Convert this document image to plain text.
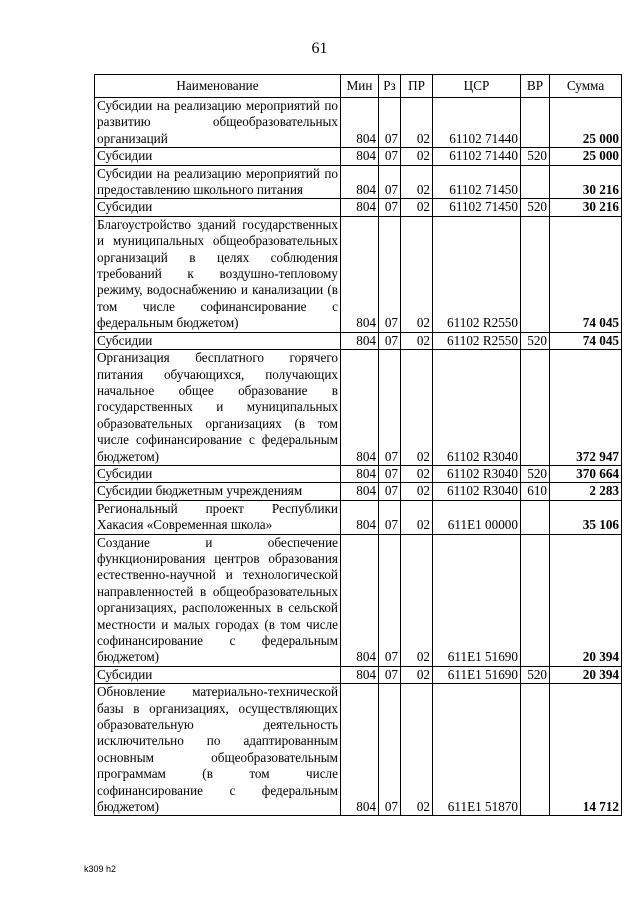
61
Наименование	Мин	Рз	ПР	ЦСР	ВР	Сумма
Субсидии на реализацию мероприятий по развитию общеобразовательных организаций	804	07	02	61102 71440		25 000
Субсидии	804	07	02	61102 71440	520	25 000
Субсидии на реализацию мероприятий по предоставлению школьного питания	804	07	02	61102 71450		30 216
Субсидии	804	07	02	61102 71450	520	30 216
Благоустройство зданий государственных и муниципальных общеобразовательных организаций в целях соблюдения требований к воздушно-тепловому режиму, водоснабжению и канализации (в том числе софинансирование с федеральным бюджетом)	804	07	02	61102 R2550		74 045
Субсидии	804	07	02	61102 R2550	520	74 045
Организация бесплатного горячего питания обучающихся, получающих начальное общее образование в государственных и муниципальных образовательных организациях (в том числе софинансирование с федеральным бюджетом)	804	07	02	61102 R3040		372 947
Субсидии	804	07	02	61102 R3040	520	370 664
Субсидии бюджетным учреждениям	804	07	02	61102 R3040	610	2 283
Региональный проект Республики Хакасия «Современная школа»	804	07	02	611E1 00000		35 106
Создание и обеспечение функционирования центров образования естественно-научной и технологической направленностей в общеобразовательных организациях, расположенных в сельской местности и малых городах (в том числе софинансирование с федеральным бюджетом)	804	07	02	611E1 51690		20 394
Субсидии	804	07	02	611E1 51690	520	20 394
Обновление материально-технической базы в организациях, осуществляющих образовательную деятельность исключительно по адаптированным основным общеобразовательным программам (в том числе софинансирование с федеральным бюджетом)	804	07	02	611E1 51870		14 712
k309 h2
